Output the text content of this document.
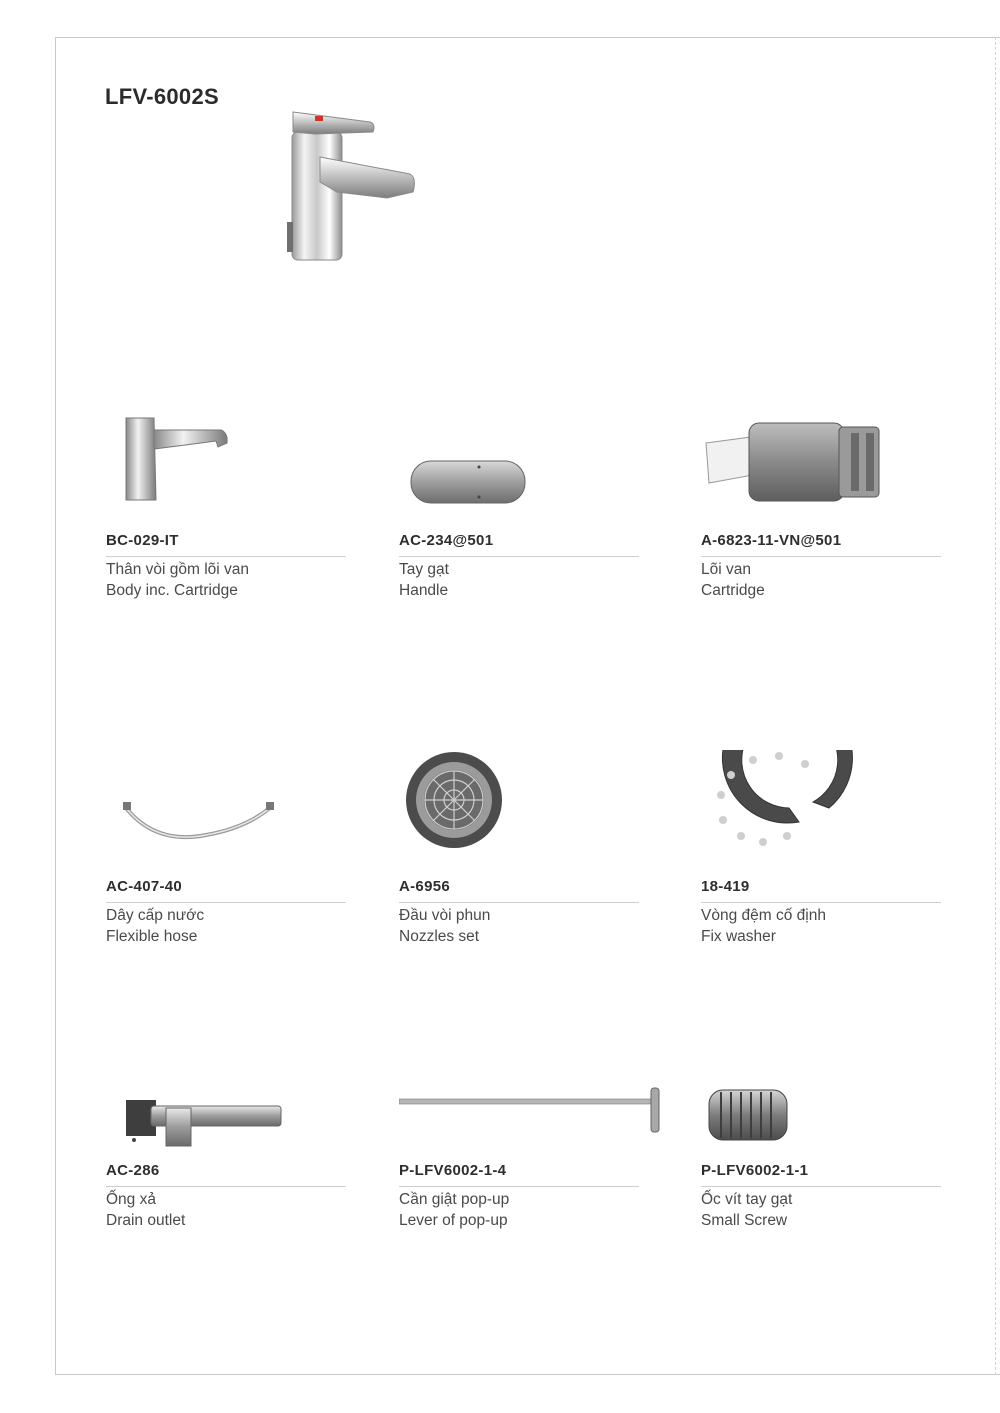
LFV-6002S
BC-029-IT
Thân vòi gồm lõi van
Body inc. Cartridge
AC-234@501
Tay gạt
Handle
A-6823-11-VN@501
Lõi van
Cartridge
AC-407-40
Dây cấp nước
Flexible hose
A-6956
Đầu vòi phun
Nozzles set
18-419
Vòng đệm cố định
Fix washer
AC-286
Ống xả
Drain outlet
P-LFV6002-1-4
Cần giật pop-up
Lever of pop-up
P-LFV6002-1-1
Ốc vít tay gạt
Small Screw
